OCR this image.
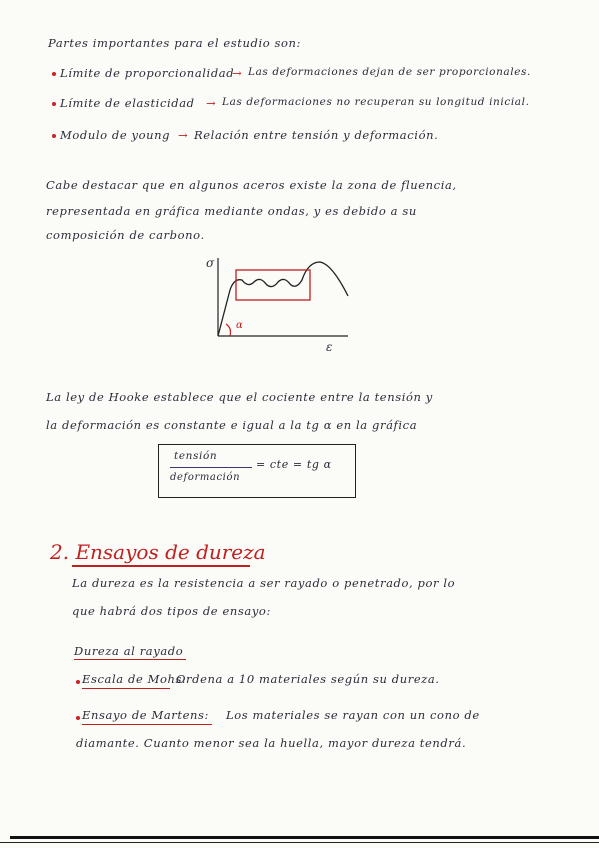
Partes importantes para el estudio son:
Límite de proporcionalidad
→ Las deformaciones dejan de ser proporcionales.
Límite de elasticidad → Las deformaciones no recuperan su longitud inicial.
Modulo de young → Relación entre tensión y deformación.
Cabe destacar que en algunos aceros existe la zona de fluencia,
representada en gráfica mediante ondas, y es debido a su
composición de carbono.
σ
ε
α
La ley de Hooke establece que el cociente entre la tensión y
la deformación es constante e igual a la tg α en la gráfica
tensión
deformación
= cte = tg α
2. Ensayos de dureza
La dureza es la resistencia a ser rayado o penetrado, por lo
que habrá dos tipos de ensayo:
Dureza al rayado
Escala de Mohs:
Ordena a 10 materiales según su dureza.
Ensayo de Martens: Los materiales se rayan con un cono de
diamante. Cuanto menor sea la huella, mayor dureza tendrá.
